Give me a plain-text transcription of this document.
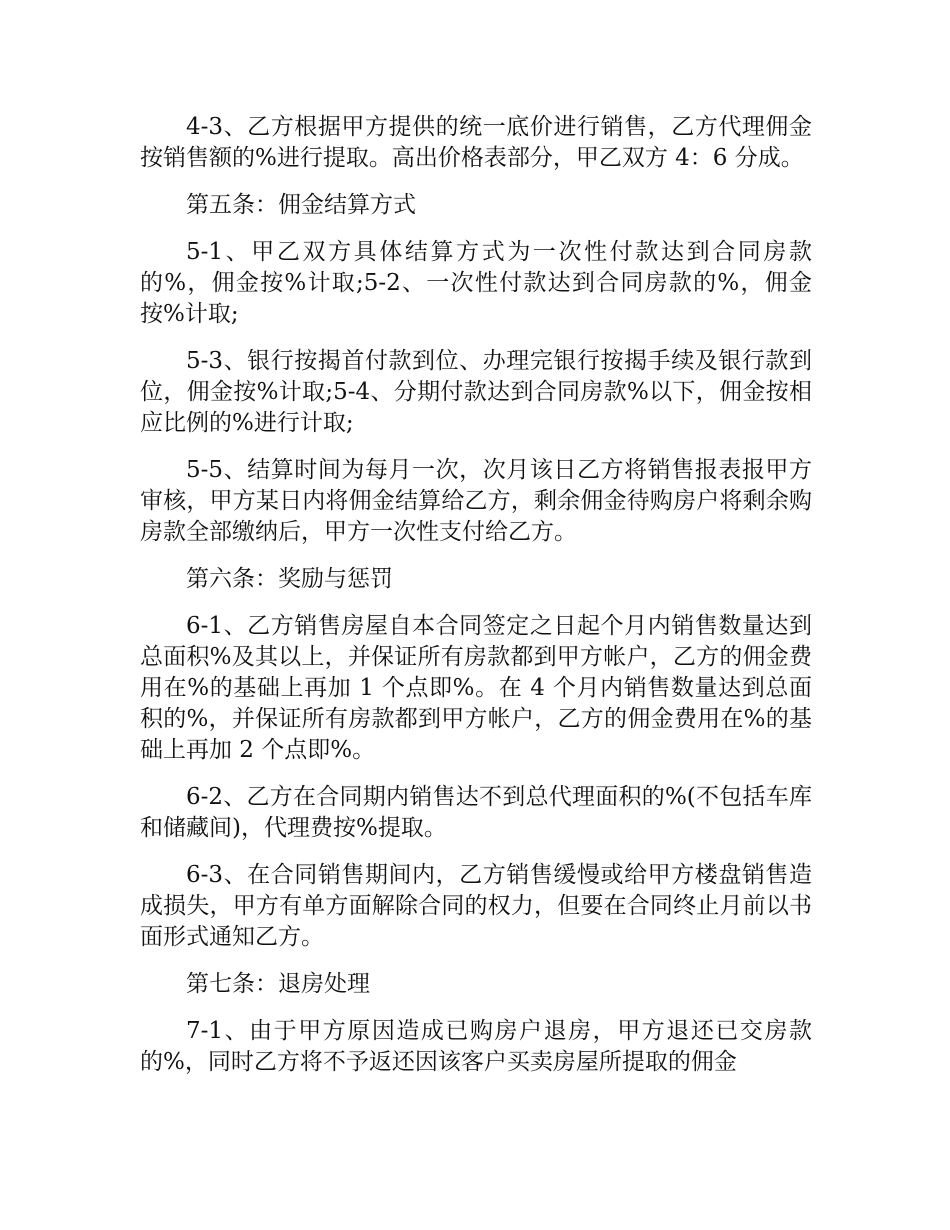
4-3、乙方根据甲方提供的统一底价进行销售，乙方代理佣金按销售额的%进行提取。高出价格表部分，甲乙双方 4：6 分成。

第五条：佣金结算方式

5-1、甲乙双方具体结算方式为一次性付款达到合同房款的%，佣金按%计取;5-2、一次性付款达到合同房款的%，佣金按%计取;

5-3、银行按揭首付款到位、办理完银行按揭手续及银行款到位，佣金按%计取;5-4、分期付款达到合同房款%以下，佣金按相应比例的%进行计取;

5-5、结算时间为每月一次，次月该日乙方将销售报表报甲方审核，甲方某日内将佣金结算给乙方，剩余佣金待购房户将剩余购房款全部缴纳后，甲方一次性支付给乙方。

第六条：奖励与惩罚

6-1、乙方销售房屋自本合同签定之日起个月内销售数量达到总面积%及其以上，并保证所有房款都到甲方帐户，乙方的佣金费用在%的基础上再加 1 个点即%。在 4 个月内销售数量达到总面积的%，并保证所有房款都到甲方帐户，乙方的佣金费用在%的基础上再加 2 个点即%。

6-2、乙方在合同期内销售达不到总代理面积的%(不包括车库和储藏间)，代理费按%提取。

6-3、在合同销售期间内，乙方销售缓慢或给甲方楼盘销售造成损失，甲方有单方面解除合同的权力，但要在合同终止月前以书面形式通知乙方。

第七条：退房处理

7-1、由于甲方原因造成已购房户退房，甲方退还已交房款的%，同时乙方将不予返还因该客户买卖房屋所提取的佣金
